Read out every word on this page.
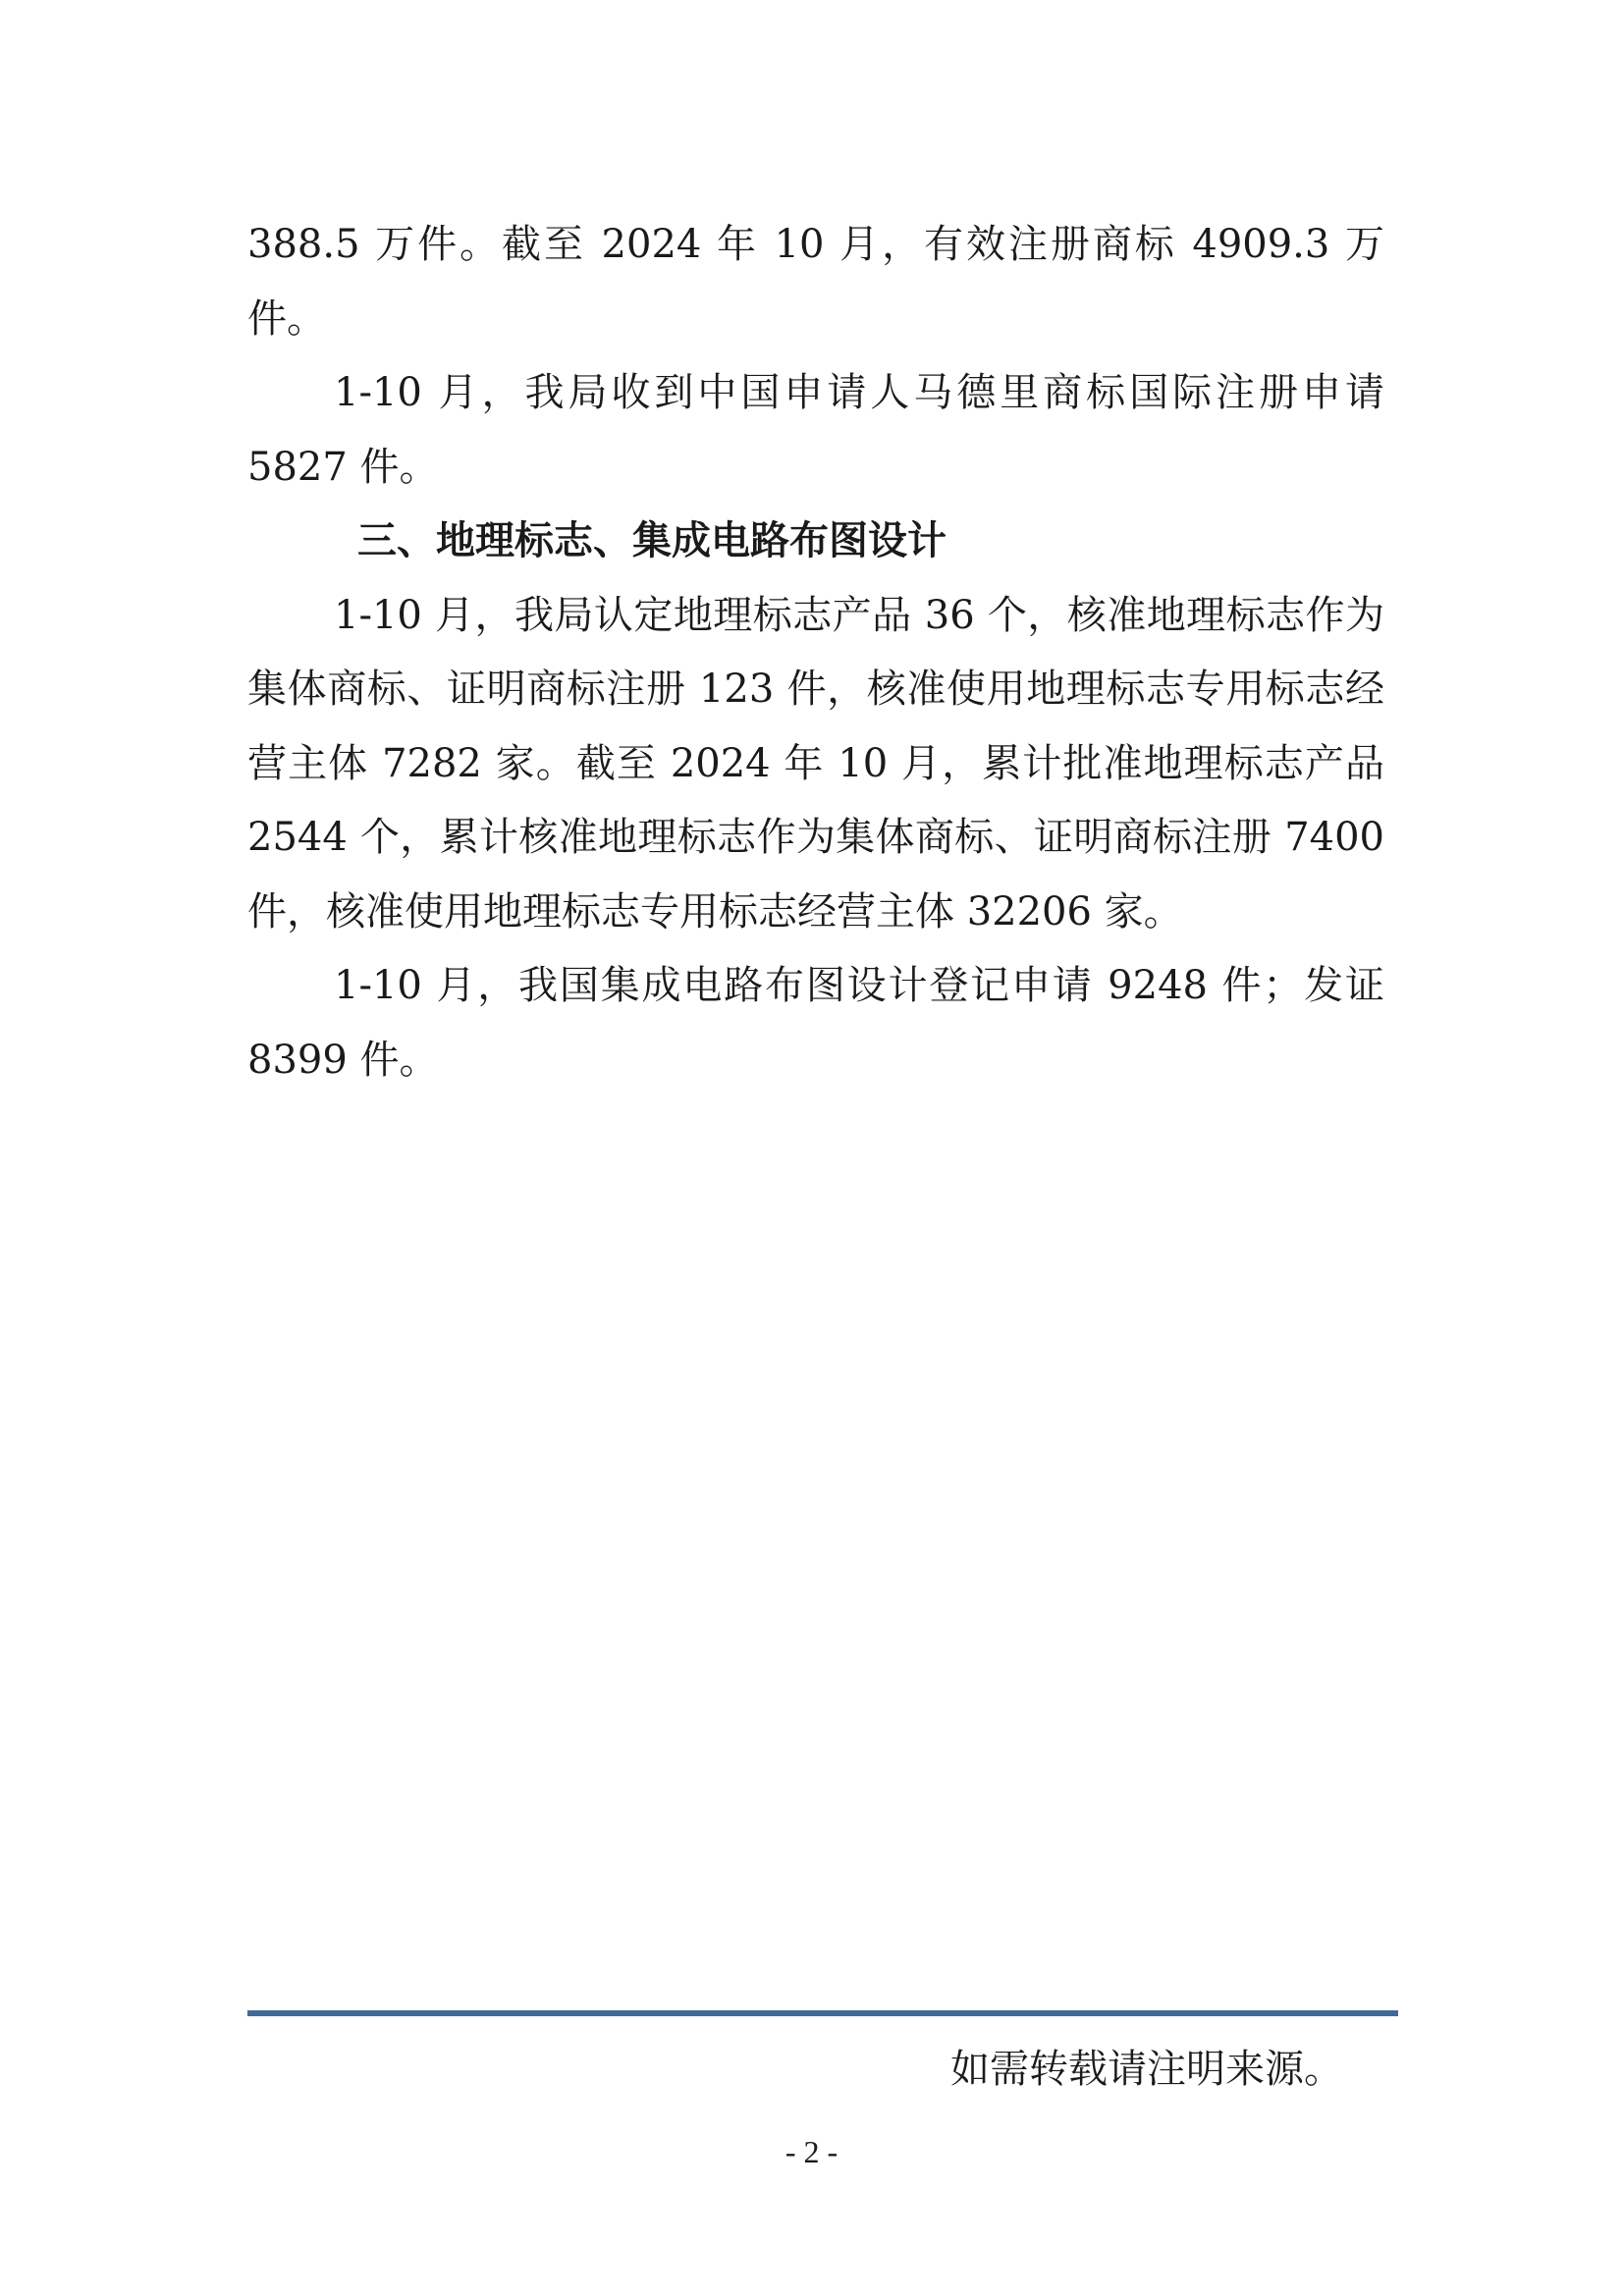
388.5 万件。截至 2024 年 10 月，有效注册商标 4909.3 万件。

1-10 月，我局收到中国申请人马德里商标国际注册申请 5827 件。

三、地理标志、集成电路布图设计

1-10 月，我局认定地理标志产品 36 个，核准地理标志作为集体商标、证明商标注册 123 件，核准使用地理标志专用标志经营主体 7282 家。截至 2024 年 10 月，累计批准地理标志产品 2544 个，累计核准地理标志作为集体商标、证明商标注册 7400 件，核准使用地理标志专用标志经营主体 32206 家。

1-10 月，我国集成电路布图设计登记申请 9248 件；发证 8399 件。

如需转载请注明来源。
- 2 -
